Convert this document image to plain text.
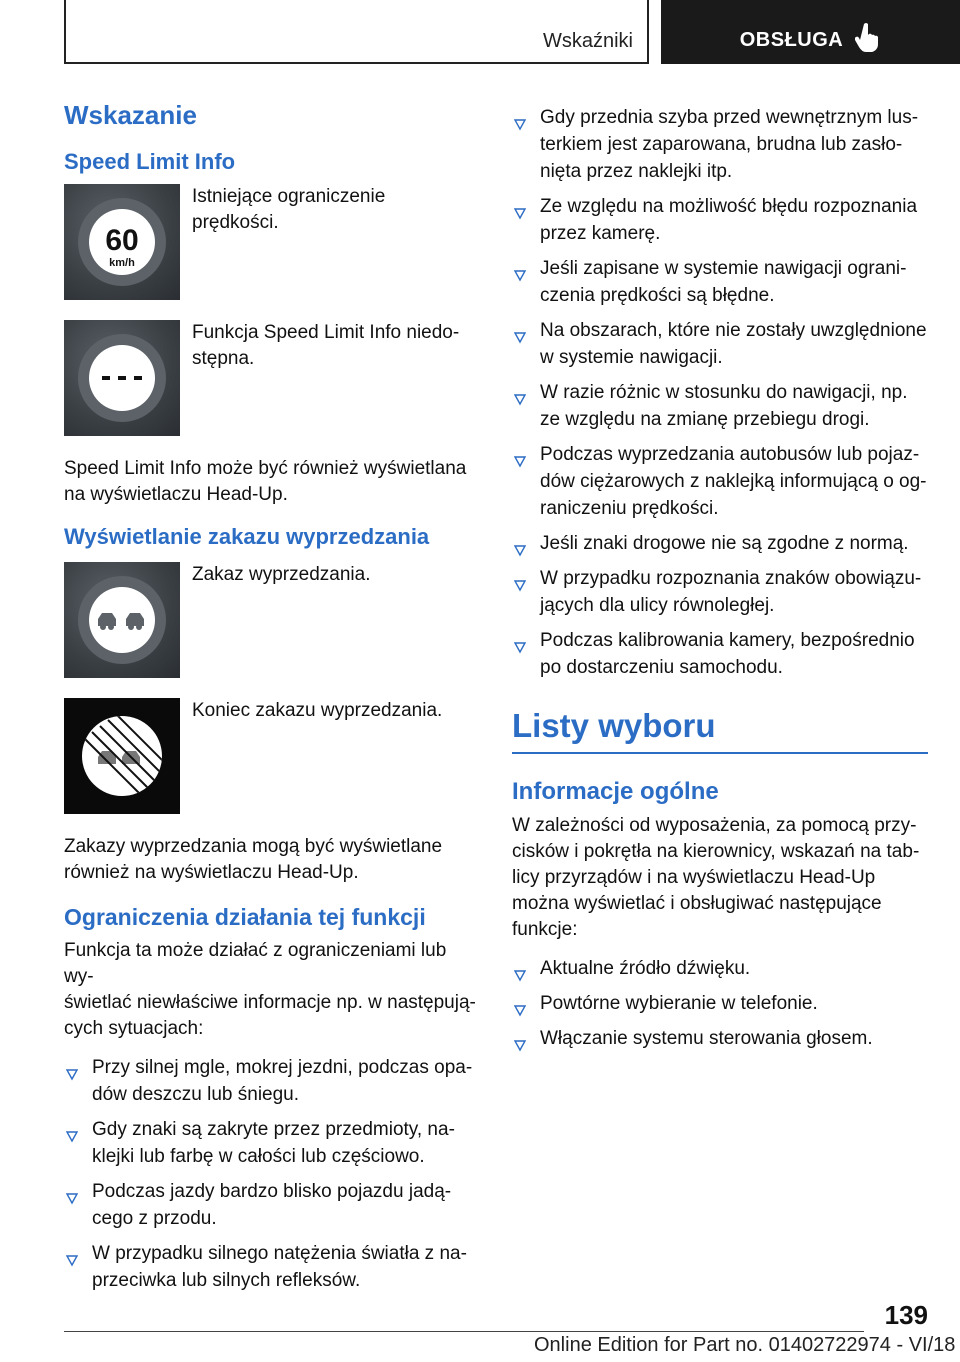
Wskaźniki	OBSŁUGA
Wskazanie
Speed Limit Info
60
km/h

Istniejące ograniczenie prędkości.

Funkcja Speed Limit Info niedo-
stępna.

Speed Limit Info może być również wyświetlana
na wyświetlaczu Head-Up.

Wyświetlanie zakazu wyprzedzania

Zakaz wyprzedzania.

Koniec zakazu wyprzedzania.

Zakazy wyprzedzania mogą być wyświetlane
również na wyświetlaczu Head-Up.

Ograniczenia działania tej funkcji

Funkcja ta może działać z ograniczeniami lub wy-
świetlać niewłaściwe informacje np. w następują-
cych sytuacjach:

Przy silnej mgle, mokrej jezdni, podczas opa-
dów deszczu lub śniegu.
Gdy znaki są zakryte przez przedmioty, na-
klejki lub farbę w całości lub częściowo.
Podczas jazdy bardzo blisko pojazdu jadą-
cego z przodu.
W przypadku silnego natężenia światła z na-
przeciwka lub silnych refleksów.
Gdy przednia szyba przed wewnętrznym lus-
terkiem jest zaparowana, brudna lub zasło-
nięta przez naklejki itp.
Ze względu na możliwość błędu rozpoznania
przez kamerę.
Jeśli zapisane w systemie nawigacji ograni-
czenia prędkości są błędne.
Na obszarach, które nie zostały uwzględnione
w systemie nawigacji.
W razie różnic w stosunku do nawigacji, np.
ze względu na zmianę przebiegu drogi.
Podczas wyprzedzania autobusów lub pojaz-
dów ciężarowych z naklejką informującą o og-
raniczeniu prędkości.
Jeśli znaki drogowe nie są zgodne z normą.
W przypadku rozpoznania znaków obowiązu-
jących dla ulicy równoległej.
Podczas kalibrowania kamery, bezpośrednio
po dostarczeniu samochodu.
Listy wyboru
Informacje ogólne

W zależności od wyposażenia, za pomocą przy-
cisków i pokrętła na kierownicy, wskazań na tab-
licy przyrządów i na wyświetlaczu Head-Up
można wyświetlać i obsługiwać następujące
funkcje:

Aktualne źródło dźwięku.
Powtórne wybieranie w telefonie.
Włączanie systemu sterowania głosem.
139
Online Edition for Part no. 01402722974 - VI/18
